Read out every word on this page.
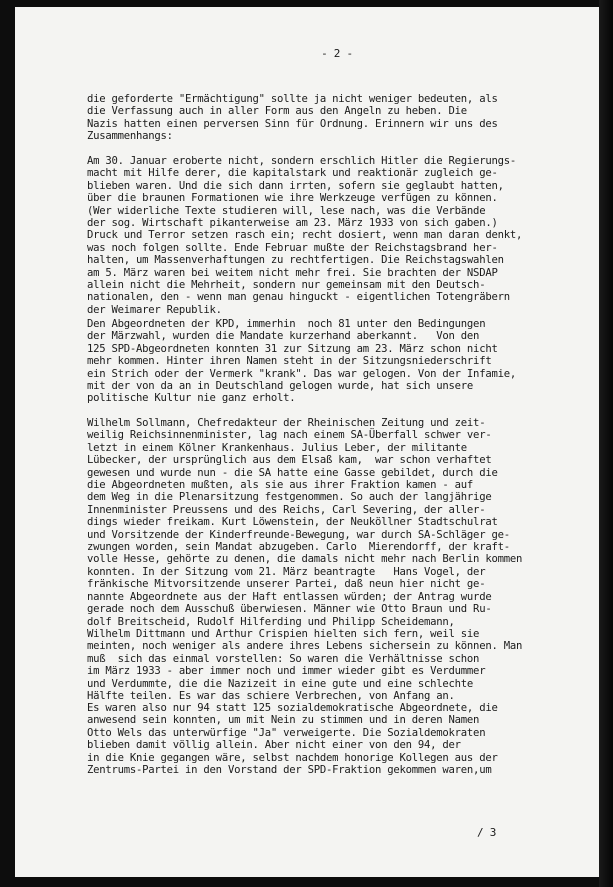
- 2 -
die geforderte "Ermächtigung" sollte ja nicht weniger bedeuten, als
die Verfassung auch in aller Form aus den Angeln zu heben. Die
Nazis hatten einen perversen Sinn für Ordnung. Erinnern wir uns des
Zusammenhangs:
Am 30. Januar eroberte nicht, sondern erschlich Hitler die Regierungs-
macht mit Hilfe derer, die kapitalstark und reaktionär zugleich ge-
blieben waren. Und die sich dann irrten, sofern sie geglaubt hatten,
über die braunen Formationen wie ihre Werkzeuge verfügen zu können.
(Wer widerliche Texte studieren will, lese nach, was die Verbände
der sog. Wirtschaft pikanterweise am 23. März 1933 von sich gaben.)
Druck und Terror setzen rasch ein; recht dosiert, wenn man daran denkt,
was noch folgen sollte. Ende Februar mußte der Reichstagsbrand her-
halten, um Massenverhaftungen zu rechtfertigen. Die Reichstagswahlen
am 5. März waren bei weitem nicht mehr frei. Sie brachten der NSDAP
allein nicht die Mehrheit, sondern nur gemeinsam mit den Deutsch-
nationalen, den - wenn man genau hinguckt - eigentlichen Totengräbern
der Weimarer Republik.
Den Abgeordneten der KPD, immerhin  noch 81 unter den Bedingungen
der Märzwahl, wurden die Mandate kurzerhand aberkannt.   Von den
125 SPD-Abgeordneten konnten 31 zur Sitzung am 23. März schon nicht
mehr kommen. Hinter ihren Namen steht in der Sitzungsniederschrift
ein Strich oder der Vermerk "krank". Das war gelogen. Von der Infamie,
mit der von da an in Deutschland gelogen wurde, hat sich unsere
politische Kultur nie ganz erholt.
Wilhelm Sollmann, Chefredakteur der Rheinischen Zeitung und zeit-
weilig Reichsinnenminister, lag nach einem SA-Überfall schwer ver-
letzt in einem Kölner Krankenhaus. Julius Leber, der militante
Lübecker, der ursprünglich aus dem Elsaß kam,  war schon verhaftet
gewesen und wurde nun - die SA hatte eine Gasse gebildet, durch die
die Abgeordneten mußten, als sie aus ihrer Fraktion kamen - auf
dem Weg in die Plenarsitzung festgenommen. So auch der langjährige
Innenminister Preussens und des Reichs, Carl Severing, der aller-
dings wieder freikam. Kurt Löwenstein, der Neuköllner Stadtschulrat
und Vorsitzende der Kinderfreunde-Bewegung, war durch SA-Schläger ge-
zwungen worden, sein Mandat abzugeben. Carlo  Mierendorff, der kraft-
volle Hesse, gehörte zu denen, die damals nicht mehr nach Berlin kommen
konnten. In der Sitzung vom 21. März beantragte   Hans Vogel, der
fränkische Mitvorsitzende unserer Partei, daß neun hier nicht ge-
nannte Abgeordnete aus der Haft entlassen würden; der Antrag wurde
gerade noch dem Ausschuß überwiesen. Männer wie Otto Braun und Ru-
dolf Breitscheid, Rudolf Hilferding und Philipp Scheidemann,
Wilhelm Dittmann und Arthur Crispien hielten sich fern, weil sie
meinten, noch weniger als andere ihres Lebens sichersein zu können. Man
muß  sich das einmal vorstellen: So waren die Verhältnisse schon
im März 1933 - aber immer noch und immer wieder gibt es Verdummer
und Verdummte, die die Nazizeit in eine gute und eine schlechte
Hälfte teilen. Es war das schiere Verbrechen, von Anfang an.
Es waren also nur 94 statt 125 sozialdemokratische Abgeordnete, die
anwesend sein konnten, um mit Nein zu stimmen und in deren Namen
Otto Wels das unterwürfige "Ja" verweigerte. Die Sozialdemokraten
blieben damit völlig allein. Aber nicht einer von den 94, der
in die Knie gegangen wäre, selbst nachdem honorige Kollegen aus der
Zentrums-Partei in den Vorstand der SPD-Fraktion gekommen waren,um
/ 3
